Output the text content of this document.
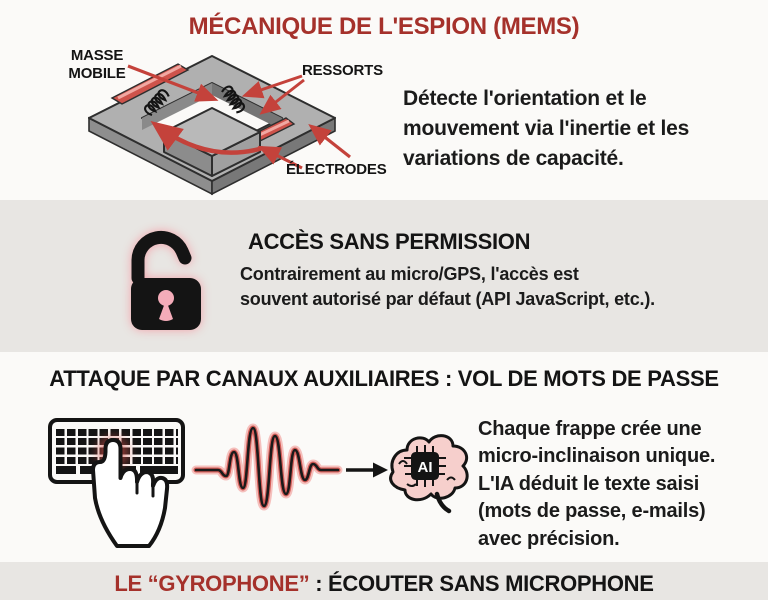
MÉCANIQUE DE L'ESPION (MEMS)
MASSE
MOBILE	RESSORTS
ÉLECTRODES
Détecte l'orientation et le
mouvement via l'inertie et les
variations de capacité.
ACCÈS SANS PERMISSION
Contrairement au micro/GPS, l'accès est
souvent autorisé par défaut (API JavaScript, etc.).
ATTAQUE PAR CANAUX AUXILIAIRES : VOL DE MOTS DE PASSE
AI
Chaque frappe crée une
micro-inclinaison unique.
L'IA déduit le texte saisi
(mots de passe, e-mails)
avec précision.
LE “GYROPHONE” : ÉCOUTER SANS MICROPHONE
